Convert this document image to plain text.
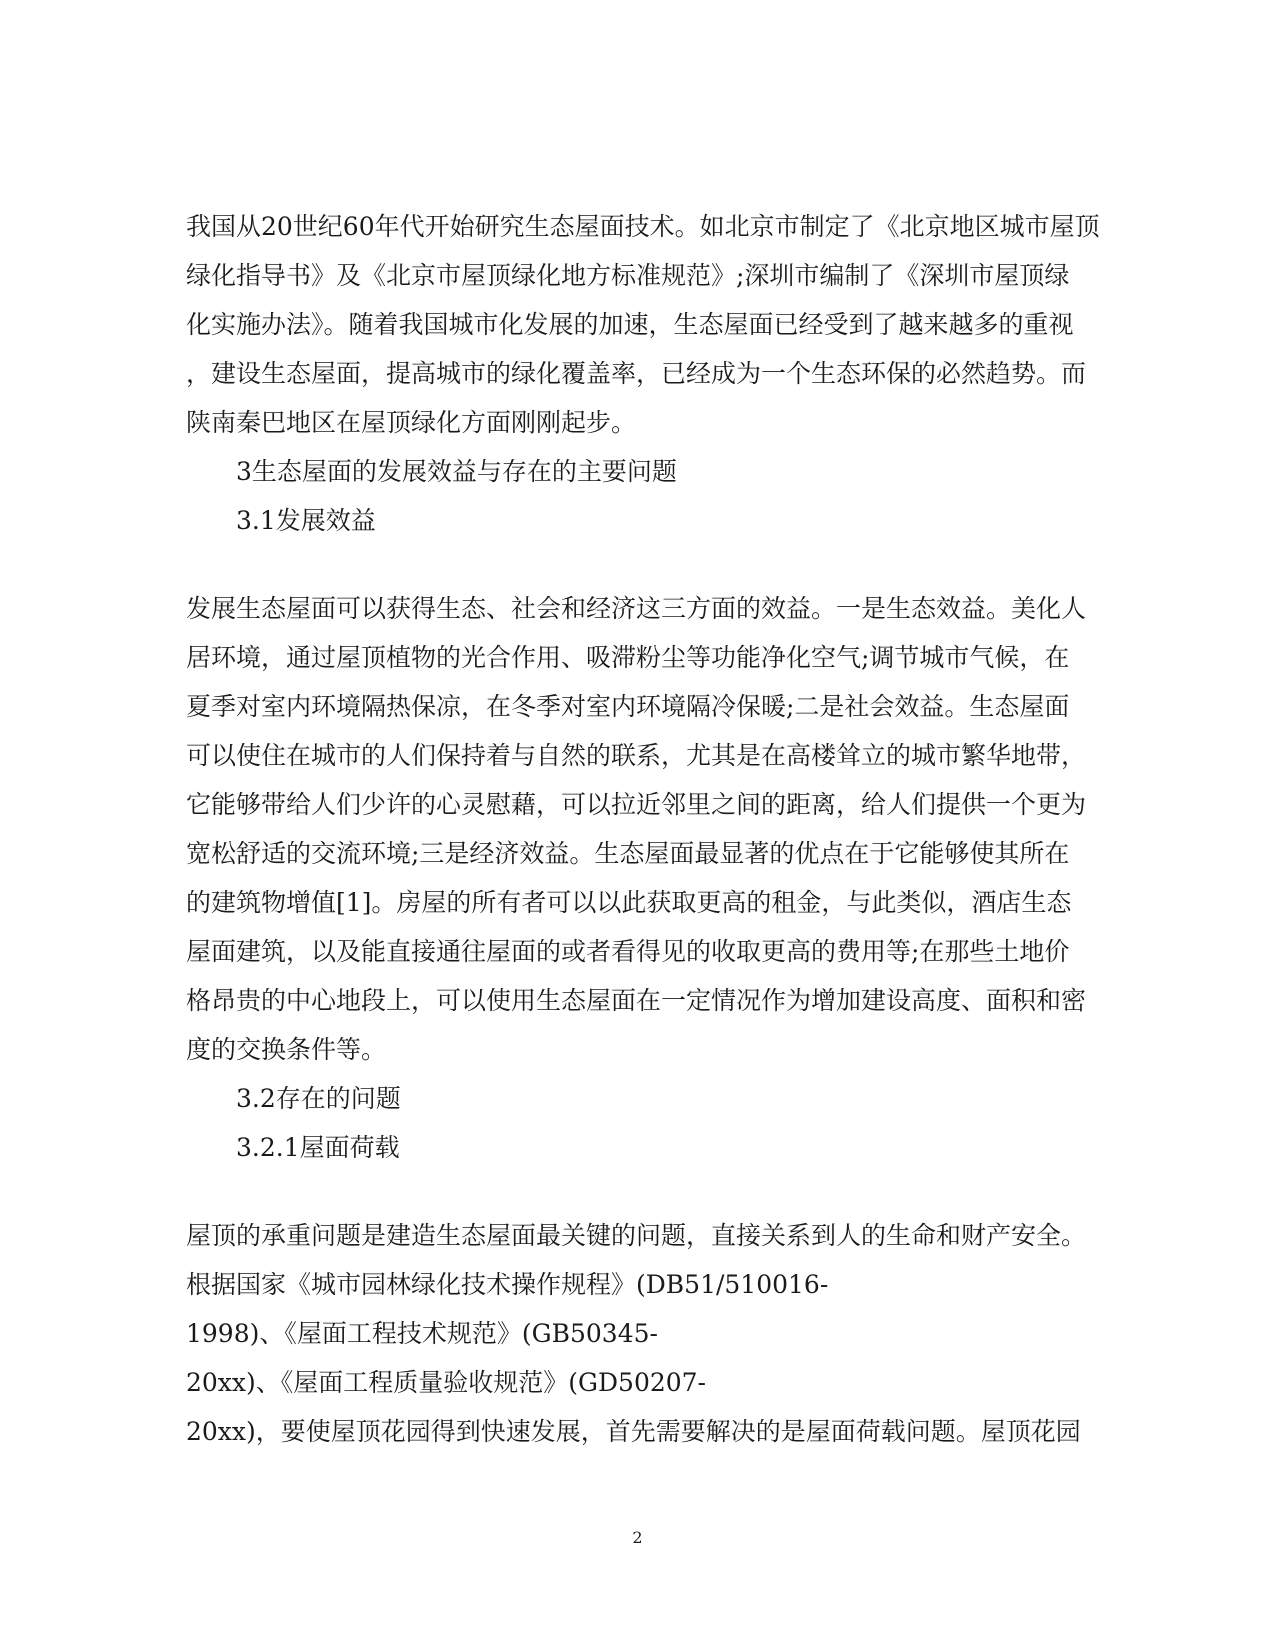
我国从20世纪60年代开始研究生态屋面技术。如北京市制定了《北京地区城市屋顶
绿化指导书》及《北京市屋顶绿化地方标准规范》;深圳市编制了《深圳市屋顶绿
化实施办法》。随着我国城市化发展的加速，生态屋面已经受到了越来越多的重视
，建设生态屋面，提高城市的绿化覆盖率，已经成为一个生态环保的必然趋势。而
陕南秦巴地区在屋顶绿化方面刚刚起步。

3生态屋面的发展效益与存在的主要问题

3.1发展效益

发展生态屋面可以获得生态、社会和经济这三方面的效益。一是生态效益。美化人
居环境，通过屋顶植物的光合作用、吸滞粉尘等功能净化空气;调节城市气候，在
夏季对室内环境隔热保凉，在冬季对室内环境隔冷保暖;二是社会效益。生态屋面
可以使住在城市的人们保持着与自然的联系，尤其是在高楼耸立的城市繁华地带，
它能够带给人们少许的心灵慰藉，可以拉近邻里之间的距离，给人们提供一个更为
宽松舒适的交流环境;三是经济效益。生态屋面最显著的优点在于它能够使其所在
的建筑物增值[1]。房屋的所有者可以以此获取更高的租金，与此类似，酒店生态
屋面建筑，以及能直接通往屋面的或者看得见的收取更高的费用等;在那些土地价
格昂贵的中心地段上，可以使用生态屋面在一定情况作为增加建设高度、面积和密
度的交换条件等。

3.2存在的问题

3.2.1屋面荷载

屋顶的承重问题是建造生态屋面最关键的问题，直接关系到人的生命和财产安全。
根据国家《城市园林绿化技术操作规程》(DB51/510016-
1998)、《屋面工程技术规范》(GB50345-
20xx)、《屋面工程质量验收规范》(GD50207-
20xx)，要使屋顶花园得到快速发展，首先需要解决的是屋面荷载问题。屋顶花园
2
